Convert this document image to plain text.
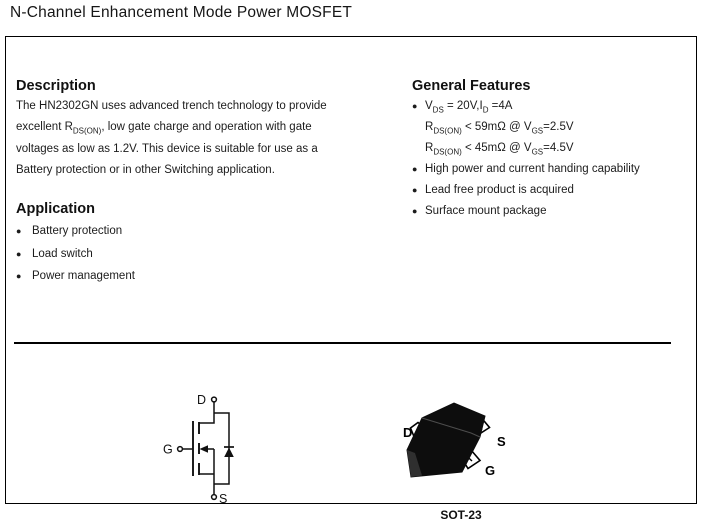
N-Channel Enhancement Mode Power MOSFET
Description
The HN2302GN uses advanced trench technology to provide
excellent $R_{DS(ON)}$, low gate charge and operation with gate
voltages as low as 1.2V. This device is suitable for use as a
Battery protection or in other Switching application.
Application
● Battery protection
● Load switch
● Power management
General Features
● $V_{DS} = 20V,I_D =4A$
$R_{DS(ON)} < 59m\Omega$ @ $V_{GS}=2.5V$
$R_{DS(ON)} < 45m\Omega$ @ $V_{GS}=4.5V$
● High power and current handing capability
● Lead free product is acquired
● Surface mount package
D
G
S
D
S
G
SOT-23
